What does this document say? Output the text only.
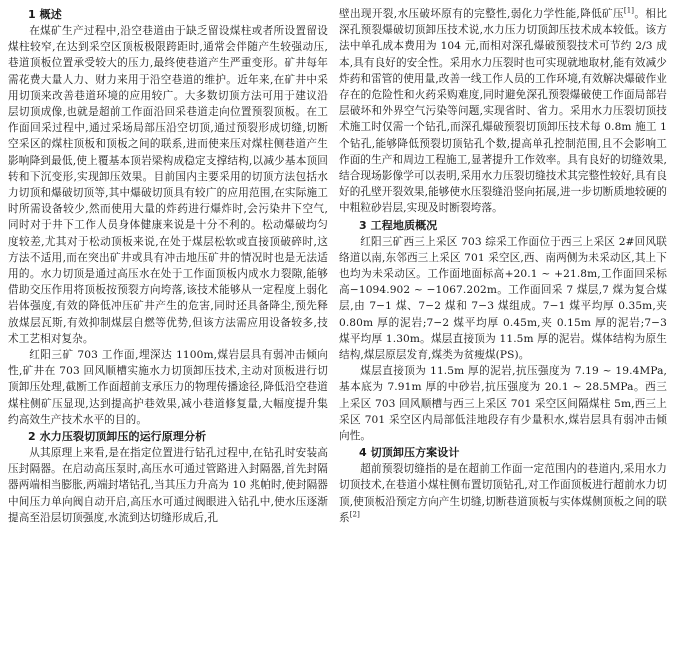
1 概述

在煤矿生产过程中,沿空巷道由于缺乏留设煤柱或者所设置留设煤柱较窄,在达到采空区顶板极限跨距时,通常会伴随产生较强动压,巷道顶板位置承受较大的压力,最终使巷道产生严重变形。矿井每年需花费大量人力、财力来用于沿空巷道的维护。近年来,在矿井中采用切顶来改善巷道环境的应用较广。大多数切顶方法可用于建议沿层切顶成像,也就是超前工作面沿回采巷道走向位置预裂顶板。在工作面回采过程中,通过采场局部压沿空切顶,通过预裂形成切缝,切断空采区的煤柱顶板和顶板之间的联系,进而使来压对煤柱侧巷道产生影响降到最低,使上覆基本顶岩梁构成稳定支撑结构,以减少基本顶回转和下沉变形,实现卸压效果。目前国内主要采用的切顶方法包括水力切顶和爆破切顶等,其中爆破切顶具有较广的应用范围,在实际施工时所需设备较少,然而使用大量的炸药进行爆炸时,会污染井下空气,同时对于井下工作人员身体健康来说是十分不利的。松动爆破均匀度较差,尤其对于松动顶板来说,在处于煤层松软或直接顶破碎时,这方法不适用,而在突出矿井或具有冲击地压矿井的情况时也是无法适用的。水力切顶是通过高压水在处于工作面顶板内成水力裂隙,能够借助交压作用将顶板按预裂方向垮落,该技术能够从一定程度上弱化岩体强度,有效的降低冲压矿井产生的危害,同时还具备降尘,预先释放煤层瓦斯,有效抑制煤层自燃等优势,但该方法需应用设备较多,技术工艺相对复杂。

红阳三矿 703 工作面,埋深达 1100m,煤岩层具有弱冲击倾向性,矿井在 703 回风顺槽实施水力切顶卸压技术,主动对顶板进行切顶卸压处理,截断工作面超前支承压力的物理传播途径,降低沿空巷道煤柱侧矿压显现,达到提高护巷效果,减小巷道修复量,大幅度提升集约高效生产技术水平的目的。

2 水力压裂切顶卸压的运行原理分析

从其原理上来看,是在指定位置进行钻孔过程中,在钻孔时安装高压封隔器。在启动高压泵时,高压水可通过管路进入封隔器,首先封隔器两端相当膨胀,两端封堵钻孔,当其压力升高为 10 兆帕时,使封隔器中间压力单向阀自动开启,高压水可通过阀眼进入钻孔中,使水压逐渐提高至沿层切顶强度,水流到达切缝形成后,孔

壁出现开裂,水压破坏原有的完整性,弱化力学性能,降低矿压[1]。相比深孔预裂爆破切顶卸压技术说,水力压力切顶卸压技术成本较低。该方法中单孔成本费用为 104 元,而相对深孔爆破预裂技术可节约 2/3 成本,具有良好的安全性。采用水力压裂时也可实现就地取材,能有效减少炸药和雷管的使用量,改善一线工作人员的工作环境,有效解决爆破作业存在的危险性和火药采购难度,同时避免深孔预裂爆破使工作面局部岩层破坏和外界空气污染等问题,实现省时、省力。采用水力压裂切顶技术施工时仅需一个钻孔,而深孔爆破预裂切顶卸压技术每 0.8m 施工 1 个钻孔,能够降低预裂切顶钻孔个数,提高单孔控制范围,且不会影响工作面的生产和周边工程施工,显著提升工作效率。具有良好的切缝效果,结合现场影像学可以表明,采用水力压裂切缝技术其完整性较好,具有良好的孔壁开裂效果,能够使水压裂缝沿竖向拓展,进一步切断质地较硬的中粗粒砂岩层,实现及时断裂垮落。

3 工程地质概况

红阳三矿西三上采区 703 综采工作面位于西三上采区 2#回风联络道以南,东邻西三上采区 701 采空区,西、南两侧为未采动区,其上下也均为未采动区。工作面地面标高+20.1 ~ +21.8m,工作面回采标高−1094.902 ~ −1067.202m。工作面回采 7 煤层,7 煤为复合煤层,由 7−1 煤、7−2 煤和 7−3 煤组成。7−1 煤平均厚 0.35m,夹 0.80m 厚的泥岩;7−2 煤平均厚 0.45m,夹 0.15m 厚的泥岩;7−3 煤平均厚 1.30m。煤层直接顶为 11.5m 厚的泥岩。煤体结构为原生结构,煤层原层发育,煤类为贫瘦煤(PS)。

煤层直接顶为 11.5m 厚的泥岩,抗压强度为 7.19 ~ 19.4MPa,基本底为 7.91m 厚的中砂岩,抗压强度为 20.1 ~ 28.5MPa。西三上采区 703 回风顺槽与西三上采区 701 采空区间隔煤柱 5m,西三上采区 701 采空区内局部低洼地段存有少量积水,煤岩层具有弱冲击倾向性。

4 切顶卸压方案设计

超前预裂切缝指的是在超前工作面一定范围内的巷道内,采用水力切顶技术,在巷道小煤柱侧布置切顶钻孔,对工作面顶板进行超前水力切顶,使顶板沿预定方向产生切缝,切断巷道顶板与实体煤侧顶板之间的联系[2]
